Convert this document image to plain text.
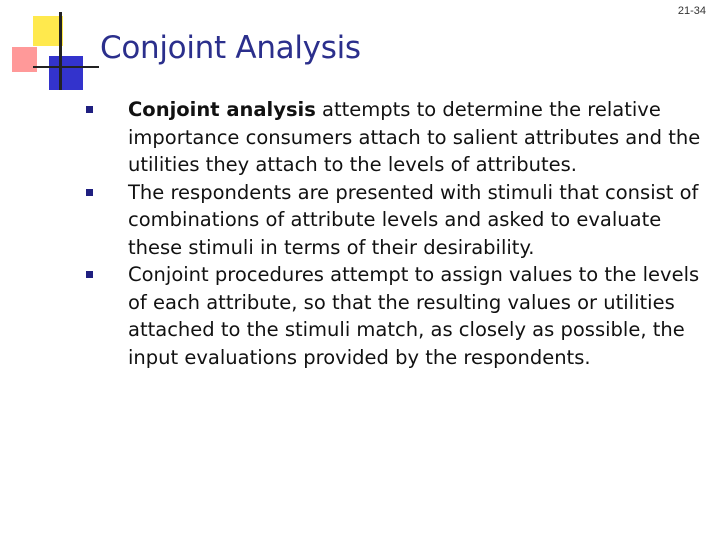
21-34
Conjoint Analysis
Conjoint analysis attempts to determine the relative importance consumers attach to salient attributes and the utilities they attach to the levels of attributes.
The respondents are presented with stimuli that consist of combinations of attribute levels and asked to evaluate these stimuli in terms of their desirability.
Conjoint procedures attempt to assign values to the levels of each attribute, so that the resulting values or utilities attached to the stimuli match, as closely as possible, the input evaluations provided by the respondents.
